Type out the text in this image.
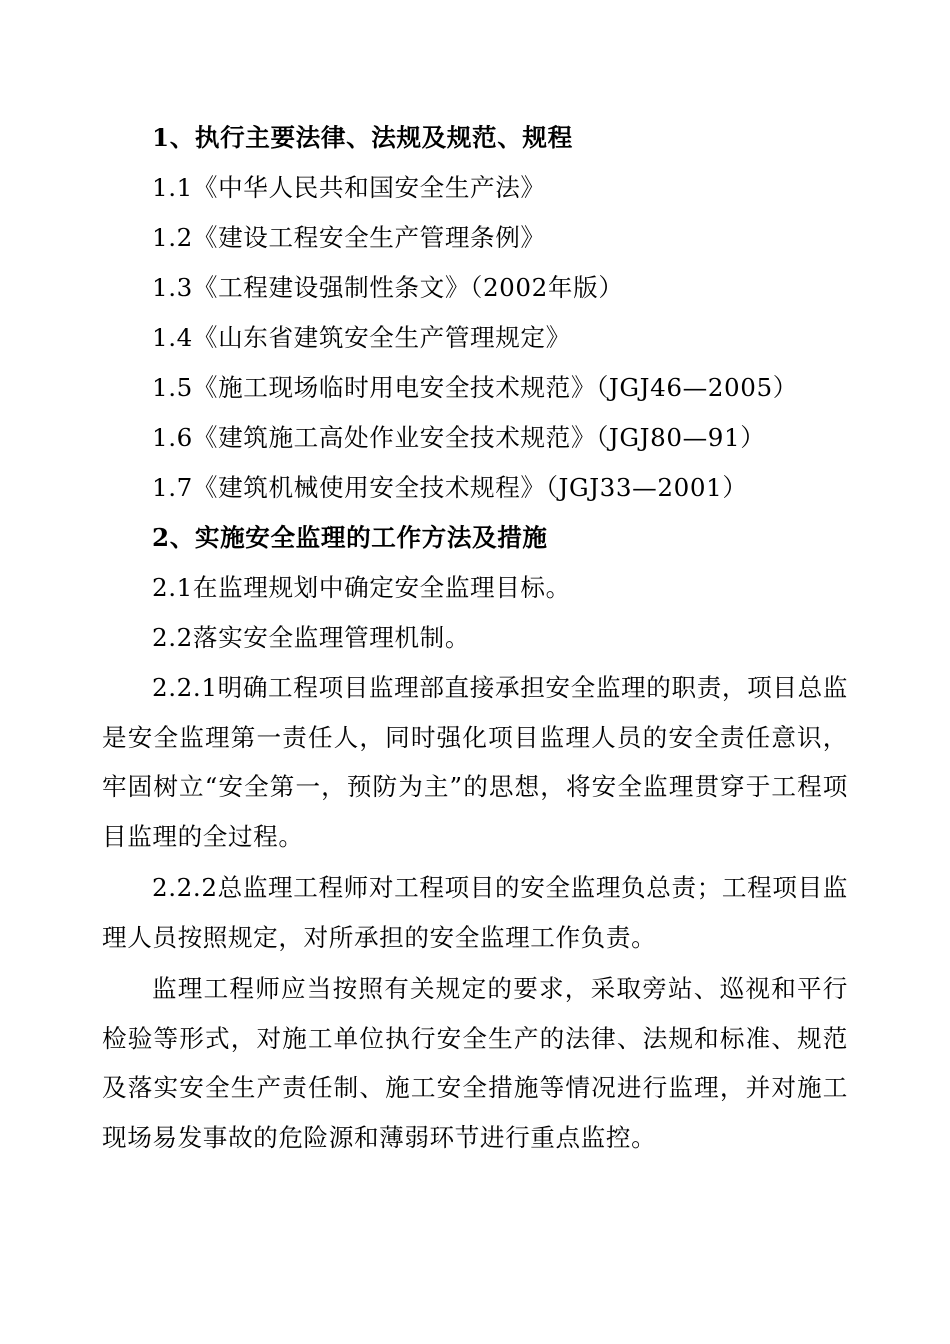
1、执行主要法律、法规及规范、规程
1.1《中华人民共和国安全生产法》
1.2《建设工程安全生产管理条例》
1.3《工程建设强制性条文》（2002年版）
1.4《山东省建筑安全生产管理规定》
1.5《施工现场临时用电安全技术规范》（JGJ46—2005）
1.6《建筑施工高处作业安全技术规范》（JGJ80—91）
1.7《建筑机械使用安全技术规程》（JGJ33—2001）
2、实施安全监理的工作方法及措施
2.1在监理规划中确定安全监理目标。
2.2落实安全监理管理机制。

2.2.1明确工程项目监理部直接承担安全监理的职责，项目总监是安全监理第一责任人，同时强化项目监理人员的安全责任意识，牢固树立“安全第一，预防为主”的思想，将安全监理贯穿于工程项目监理的全过程。

2.2.2总监理工程师对工程项目的安全监理负总责；工程项目监理人员按照规定，对所承担的安全监理工作负责。

监理工程师应当按照有关规定的要求，采取旁站、巡视和平行检验等形式，对施工单位执行安全生产的法律、法规和标准、规范及落实安全生产责任制、施工安全措施等情况进行监理，并对施工现场易发事故的危险源和薄弱环节进行重点监控。
